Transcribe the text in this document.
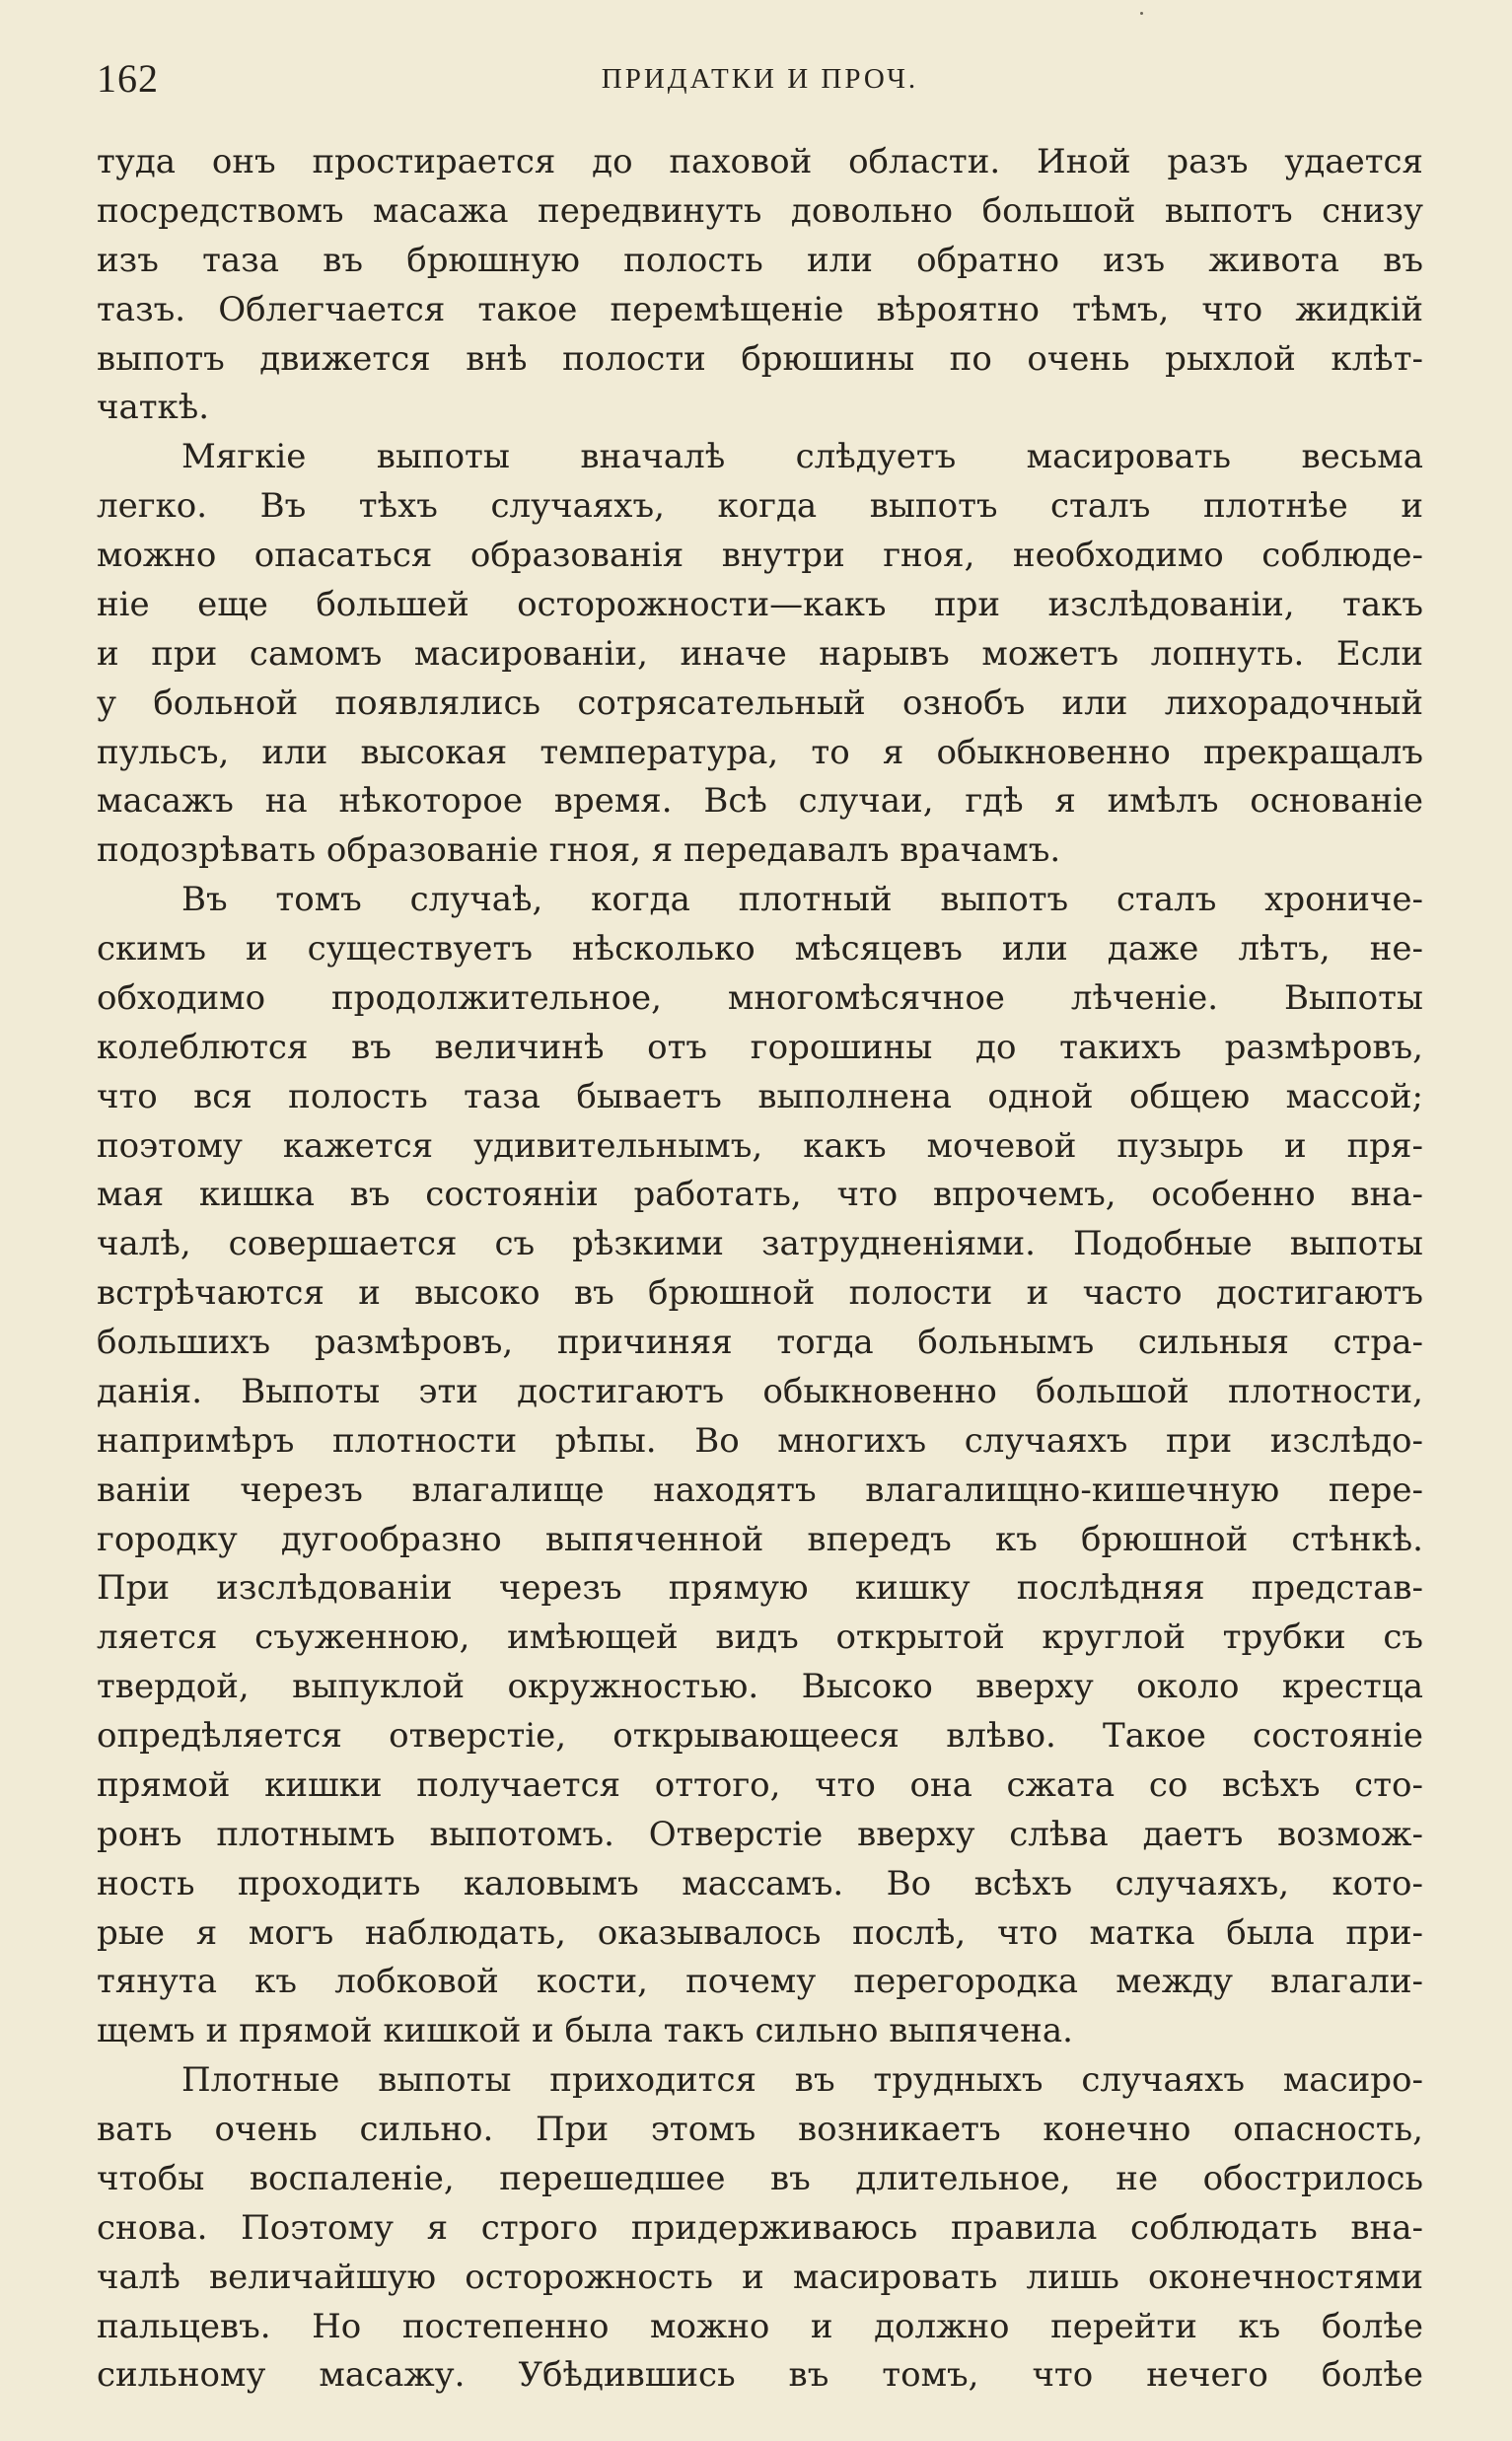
162	ПРИДАТКИ И ПРОЧ.
туда онъ простирается до паховой области. Иной разъ удается
посредствомъ масажа передвинуть довольно большой выпотъ снизу
изъ таза въ брюшную полость или обратно изъ живота въ
тазъ. Облегчается такое перемѣщенiе вѣроятно тѣмъ, что жидкiй
выпотъ движется внѣ полости брюшины по очень рыхлой клѣт-
чаткѣ.
Мягкiе выпоты вначалѣ слѣдуетъ масировать весьма
легко. Въ тѣхъ случаяхъ, когда выпотъ сталъ плотнѣе и
можно опасаться образованiя внутри гноя, необходимо соблюде-
нiе еще большей осторожности—какъ при изслѣдованiи, такъ
и при самомъ масированiи, иначе нарывъ можетъ лопнуть. Если
у больной появлялись сотрясательный ознобъ или лихорадочный
пульсъ, или высокая температура, то я обыкновенно прекращалъ
масажъ на нѣкоторое время. Всѣ случаи, гдѣ я имѣлъ основанiе
подозрѣвать образованiе гноя, я передавалъ врачамъ.
Въ томъ случаѣ, когда плотный выпотъ сталъ хрониче-
скимъ и существуетъ нѣсколько мѣсяцевъ или даже лѣтъ, не-
обходимо продолжительное, многомѣсячное лѣченiе. Выпоты
колеблются въ величинѣ отъ горошины до такихъ размѣровъ,
что вся полость таза бываетъ выполнена одной общею массой;
поэтому кажется удивительнымъ, какъ мочевой пузырь и пря-
мая кишка въ состоянiи работать, что впрочемъ, особенно вна-
чалѣ, совершается съ рѣзкими затрудненiями. Подобные выпоты
встрѣчаются и высоко въ брюшной полости и часто достигаютъ
большихъ размѣровъ, причиняя тогда больнымъ сильныя стра-
данiя. Выпоты эти достигаютъ обыкновенно большой плотности,
напримѣръ плотности рѣпы. Во многихъ случаяхъ при изслѣдо-
ванiи черезъ влагалище находятъ влагалищно-кишечную пере-
городку дугообразно выпяченной впередъ къ брюшной стѣнкѣ.
При изслѣдованiи черезъ прямую кишку послѣдняя представ-
ляется съуженною, имѣющей видъ открытой круглой трубки съ
твердой, выпуклой окружностью. Высоко вверху около крестца
опредѣляется отверстiе, открывающееся влѣво. Такое состоянiе
прямой кишки получается оттого, что она сжата со всѣхъ сто-
ронъ плотнымъ выпотомъ. Отверстiе вверху слѣва даетъ возмож-
ность проходить каловымъ массамъ. Во всѣхъ случаяхъ, кото-
рые я могъ наблюдать, оказывалось послѣ, что матка была при-
тянута къ лобковой кости, почему перегородка между влагали-
щемъ и прямой кишкой и была такъ сильно выпячена.
Плотные выпоты приходится въ трудныхъ случаяхъ масиро-
вать очень сильно. При этомъ возникаетъ конечно опасность,
чтобы воспаленiе, перешедшее въ длительное, не обострилось
снова. Поэтому я строго придерживаюсь правила соблюдать вна-
чалѣ величайшую осторожность и масировать лишь оконечностями
пальцевъ. Но постепенно можно и должно перейти къ болѣе
сильному масажу. Убѣдившись въ томъ, что нечего болѣе
